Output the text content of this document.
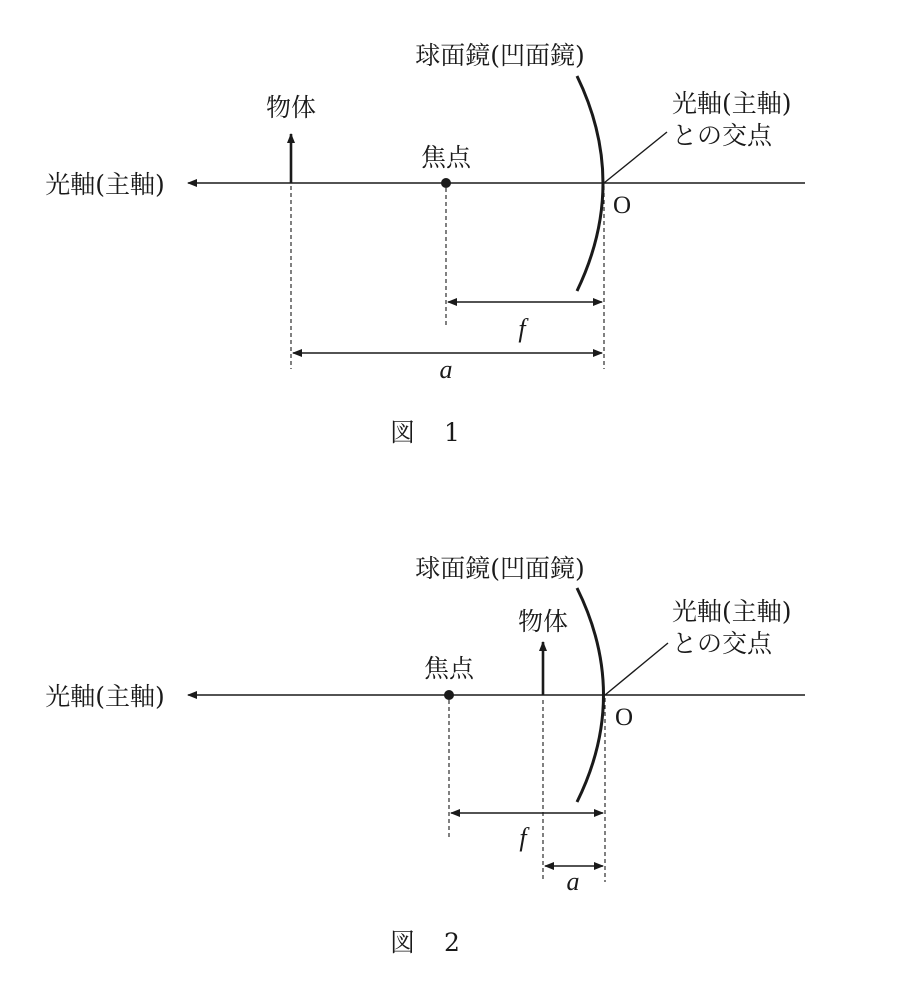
球面鏡(凹面鏡)
光軸(主軸)
物体
焦点
光軸(主軸)
との交点
O
f
a
図　1
球面鏡(凹面鏡)
光軸(主軸)
物体
焦点
光軸(主軸)
との交点
O
f
a
図　2
